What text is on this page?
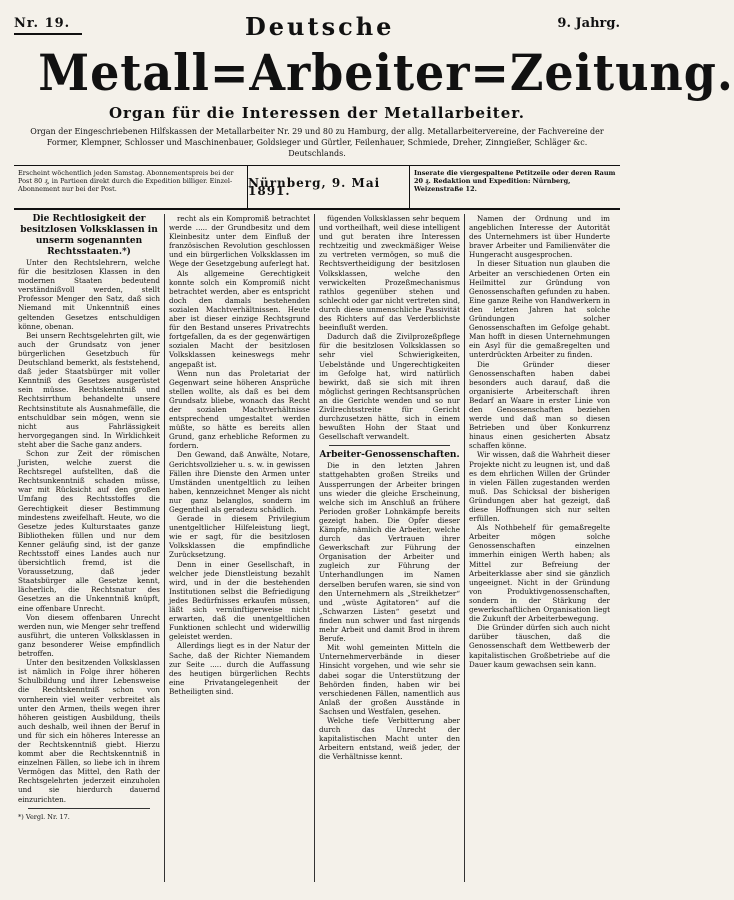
Nr. 19.	Deutsche	9. Jahrg.
Metall=Arbeiter=Zeitung.
Organ für die Interessen der Metallarbeiter.
Organ der Eingeschriebenen Hilfskassen der Metallarbeiter Nr. 29 und 80 zu Hamburg, der allg. Metallarbeitervereine, der Fachvereine der Former, Klempner, Schlosser und Maschinenbauer, Goldsieger und Gürtler, Feilenhauer, Schmiede, Dreher, Zinngießer, Schläger &c. Deutschlands.
Erscheint wöchentlich jeden Samstag. Abonnementspreis bei der Post 80 ₰, in Partieen direkt durch die Expedition billiger. Einzel-Abonnement nur bei der Post.	Nürnberg, 9. Mai 1891.
Inserate die viergespaltene Petitzeile oder deren Raum 20 ₰. Redaktion und Expedition: Nürnberg, Weizenstraße 12.

Die Rechtlosigkeit der besitzlosen Volksklassen in unserm sogenannten Rechtsstaaten.*)

Unter den Rechtslehrern, welche für die besitzlosen Klassen in den modernen Staaten bedeutend verständnißvoll werden, stellt Professor Menger den Satz, daß sich Niemand mit Unkenntniß eines geltenden Gesetzes entschuldigen könne, obenan.

Bei unsern Rechtsgelehrten gilt, wie auch der Grundsatz von jener bürgerlichen Gesetzbuch für Deutschland bemerkt, als feststehend, daß jeder Staatsbürger mit voller Kenntniß des Gesetzes ausgerüstet sein müsse. Rechtskenntniß und Rechtsirrthum behandelte unsere Rechtsinstitute als Ausnahmefälle, die entschuldbar sein mögen, wenn sie nicht aus Fahrlässigkeit hervorgegangen sind. In Wirklichkeit steht aber die Sache ganz anders.

Schon zur Zeit der römischen Juristen, welche zuerst die Rechtsregel aufstellten, daß die Rechtsunkenntniß schaden müsse, war mit Rücksicht auf den großen Umfang des Rechtsstoffes die Gerechtigkeit dieser Bestimmung mindestens zweifelhaft. Heute, wo die Gesetze jedes Kulturstaates ganze Bibliotheken füllen und nur dem Kenner geläufig sind, ist der ganze Rechtsstoff eines Landes auch nur übersichtlich fremd, ist die Voraussetzung, daß jeder Staatsbürger alle Gesetze kennt, lächerlich, die Rechtsnatur des Gesetzes an die Unkenntniß knüpft, eine offenbare Unrecht.

Von diesem offenbaren Unrecht werden nun, wie Menger sehr treffend ausführt, die unteren Volksklassen in ganz besonderer Weise empfindlich betroffen.

Unter den besitzenden Volksklassen ist nämlich in Folge ihrer höheren Schulbildung und ihrer Lebensweise die Rechtskenntniß schon von vornherein viel weiter verbreitet als unter den Armen, theils wegen ihrer höheren geistigen Ausbildung, theils auch deshalb, weil ihnen der Beruf in und für sich ein höheres Interesse an der Rechtskenntniß giebt. Hierzu kommt aber die Rechtskenntniß in einzelnen Fällen, so liebe ich in ihrem Vermögen das Mittel, den Rath der Rechtsgelehrten jederzeit einzuholen und sie hierdurch dauernd einzurichten.

*) Vergl. Nr. 17.

recht als ein Kompromiß betrachtet werde ..... der Grundbesitz und dem Kleinbesitz unter dem Einfluß der französischen Revolution geschlossen und ein bürgerlichen Volksklassen im Wege der Gesetzgebung auferlegt hat.

Als allgemeine Gerechtigkeit konnte solch ein Kompromiß nicht betrachtet werden, aber es entspricht doch den damals bestehenden sozialen Machtverhältnissen. Heute aber ist dieser einzige Rechtsgrund für den Bestand unseres Privatrechts fortgefallen, da es der gegenwärtigen sozialen Macht der besitzlosen Volksklassen keineswegs mehr angepaßt ist.

Wenn nun das Proletariat der Gegenwart seine höheren Ansprüche stellen wollte, als daß es bei dem Grundsatz bliebe, wonach das Recht der sozialen Machtverhältnisse entsprechend umgestaltet werden müßte, so hätte es bereits allen Grund, ganz erhebliche Reformen zu fordern.

Den Gewand, daß Anwälte, Notare, Gerichtsvollzieher u. s. w. in gewissen Fällen ihre Dienste den Armen unter Umständen unentgeltlich zu leihen haben, kennzeichnet Menger als nicht nur ganz belanglos, sondern im Gegentheil als geradezu schädlich.

Gerade in diesem Privilegium unentgeltlicher Hilfeleistung liegt, wie er sagt, für die besitzlosen Volksklassen die empfindliche Zurücksetzung.

Denn in einer Gesellschaft, in welcher jede Dienstleistung bezahlt wird, und in der die bestehenden Institutionen selbst die Befriedigung jedes Bedürfnisses erkaufen müssen, läßt sich vernünftigerweise nicht erwarten, daß die unentgeltlichen Funktionen schlecht und widerwillig geleistet werden.

Allerdings liegt es in der Natur der Sache, daß der Richter Niemandem zur Seite ..... durch die Auffassung des heutigen bürgerlichen Rechts eine Privatangelegenheit der Betheiligten sind.

fügenden Volksklassen sehr bequem und vortheilhaft, weil diese intelligent und gut beraten ihre Interessen rechtzeitig und zweckmäßiger Weise zu vertreten vermögen, so muß die Rechtsvertheidigung der besitzlosen Volksklassen, welche den verwickelten Prozeßmechanismus rathlos gegenüber stehen und schlecht oder gar nicht vertreten sind, durch diese unmenschliche Passivität des Richters auf das Verderblichste beeinflußt werden.

Dadurch daß die Zivilprozeßpflege für die besitzlosen Volksklassen so sehr viel Schwierigkeiten, Uebelstände und Ungerechtigkeiten im Gefolge hat, wird natürlich bewirkt, daß sie sich mit ihren möglichst geringen Rechtsansprüchen an die Gerichte wenden und so nur Zivilrechtsstreite für Gericht durchzusetzen hätte, sich in einem bewußten Hohn der Staat und Gesellschaft verwandelt.

Arbeiter-Genossenschaften.

Die in den letzten Jahren stattgehabten großen Streiks und Aussperrungen der Arbeiter bringen uns wieder die gleiche Erscheinung, welche sich im Anschluß an frühere Perioden großer Lohnkämpfe bereits gezeigt haben. Die Opfer dieser Kämpfe, nämlich die Arbeiter, welche durch das Vertrauen ihrer Gewerkschaft zur Führung der Organisation der Arbeiter und zugleich zur Führung der Unterhandlungen im Namen derselben berufen waren, sie sind von den Unternehmern als „Streikhetzer“ und „wüste Agitatoren“ auf die „Schwarzen Listen“ gesetzt und finden nun schwer und fast nirgends mehr Arbeit und damit Brod in ihrem Berufe.

Mit wohl gemeinten Mitteln die Unternehmerverbände in dieser Hinsicht vorgehen, und wie sehr sie dabei sogar die Unterstützung der Behörden finden, haben wir bei verschiedenen Fällen, namentlich aus Anlaß der großen Ausstände in Sachsen und Westfalen, gesehen.

Welche tiefe Verbitterung aber durch das Unrecht der kapitalistischen Macht unter den Arbeitern entstand, weiß jeder, der die Verhältnisse kennt.

Namen der Ordnung und im angeblichen Interesse der Autorität des Unternehmers ist über Hunderte braver Arbeiter und Familienväter die Hungeracht ausgesprochen.

In dieser Situation nun glauben die Arbeiter an verschiedenen Orten ein Heilmittel zur Gründung von Genossenschaften gefunden zu haben. Eine ganze Reihe von Handwerkern in den letzten Jahren hat solche Gründungen solcher Genossenschaften im Gefolge gehabt. Man hofft in diesen Unternehmungen ein Asyl für die gemaßregelten und unterdrückten Arbeiter zu finden.

Die Gründer dieser Genossenschaften haben dabei besonders auch darauf, daß die organisierte Arbeiterschaft ihren Bedarf an Waare in erster Linie von den Genossenschaften beziehen werde und daß man so diesen Betrieben und über Konkurrenz hinaus einen gesicherten Absatz schaffen könne.

Wir wissen, daß die Wahrheit dieser Projekte nicht zu leugnen ist, und daß es dem ehrlichen Willen der Gründer in vielen Fällen zugestanden werden muß. Das Schicksal der bisherigen Gründungen aber hat gezeigt, daß diese Hoffnungen sich nur selten erfüllen.

Als Nothbehelf für gemaßregelte Arbeiter mögen solche Genossenschaften einzelnen immerhin einigen Werth haben; als Mittel zur Befreiung der Arbeiterklasse aber sind sie gänzlich ungeeignet. Nicht in der Gründung von Produktivgenossenschaften, sondern in der Stärkung der gewerkschaftlichen Organisation liegt die Zukunft der Arbeiterbewegung.

Die Gründer dürfen sich auch nicht darüber täuschen, daß die Genossenschaft dem Wettbewerb der kapitalistischen Großbetriebe auf die Dauer kaum gewachsen sein kann.
